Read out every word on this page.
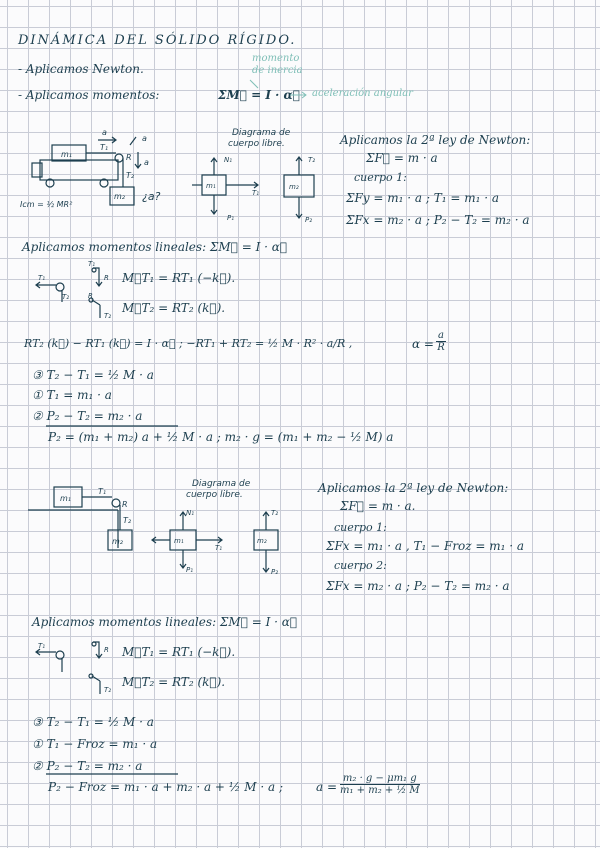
DINÁMICA DEL SÓLIDO RÍGIDO.
- Aplicamos Newton.
- Aplicamos momentos:	ΣM⃗ = I · α⃗
momento
de inercia
aceleración angular
a
a
a
m₁
T₁
R
T₂
m₂ ¿a?
Icm = ½ MR²
Diagrama de
cuerpo libre.
N₁
P₁
T₁
m₁
T₂
m₂
P₂
T₁
T₂
T₁
R
R
T₂
m₁
T₁
R
T₂
m₂
Diagrama de
cuerpo libre.
N₁
P₁
T₁
m₁
T₂
m₂
P₂
T₁	R
T₂
Aplicamos la 2ª ley de Newton:
ΣF⃗ = m · a
cuerpo 1:
ΣFy = m₁ · a ; T₁ = m₁ · a
ΣFx = m₂ · a ; P₂ − T₂ = m₂ · a
Aplicamos momentos lineales: ΣM⃗ = I · α⃗
M⃗T₁ = RT₁ (−k⃗).
M⃗T₂ = RT₂ (k⃗).
RT₂ (k⃗) − RT₁ (k⃗) = I · α⃗ ; −RT₁ + RT₂ = ½ M · R² · a/R ,	$\alpha = \frac{a}{R}$
③ T₂ − T₁ = ½ M · a
① T₁ = m₁ · a
② P₂ − T₂ = m₂ · a
P₂ = (m₁ + m₂) a + ½ M · a ; m₂ · g = (m₁ + m₂ − ½ M) a
Aplicamos la 2ª ley de Newton:
ΣF⃗ = m · a.
cuerpo 1:
ΣFx = m₁ · a , T₁ − Froz = m₁ · a
cuerpo 2:
ΣFx = m₂ · a ; P₂ − T₂ = m₂ · a
Aplicamos momentos lineales: ΣM⃗ = I · α⃗
M⃗T₁ = RT₁ (−k⃗).
M⃗T₂ = RT₂ (k⃗).
③ T₂ − T₁ = ½ M · a
① T₁ − Froz = m₁ · a
② P₂ − T₂ = m₂ · a
P₂ − Froz = m₁ · a + m₂ · a + ½ M · a ;	$a = \frac{\text{m₂ · g − μm₁ g}}{\text{m₁ + m₂ + ½ M}}$
